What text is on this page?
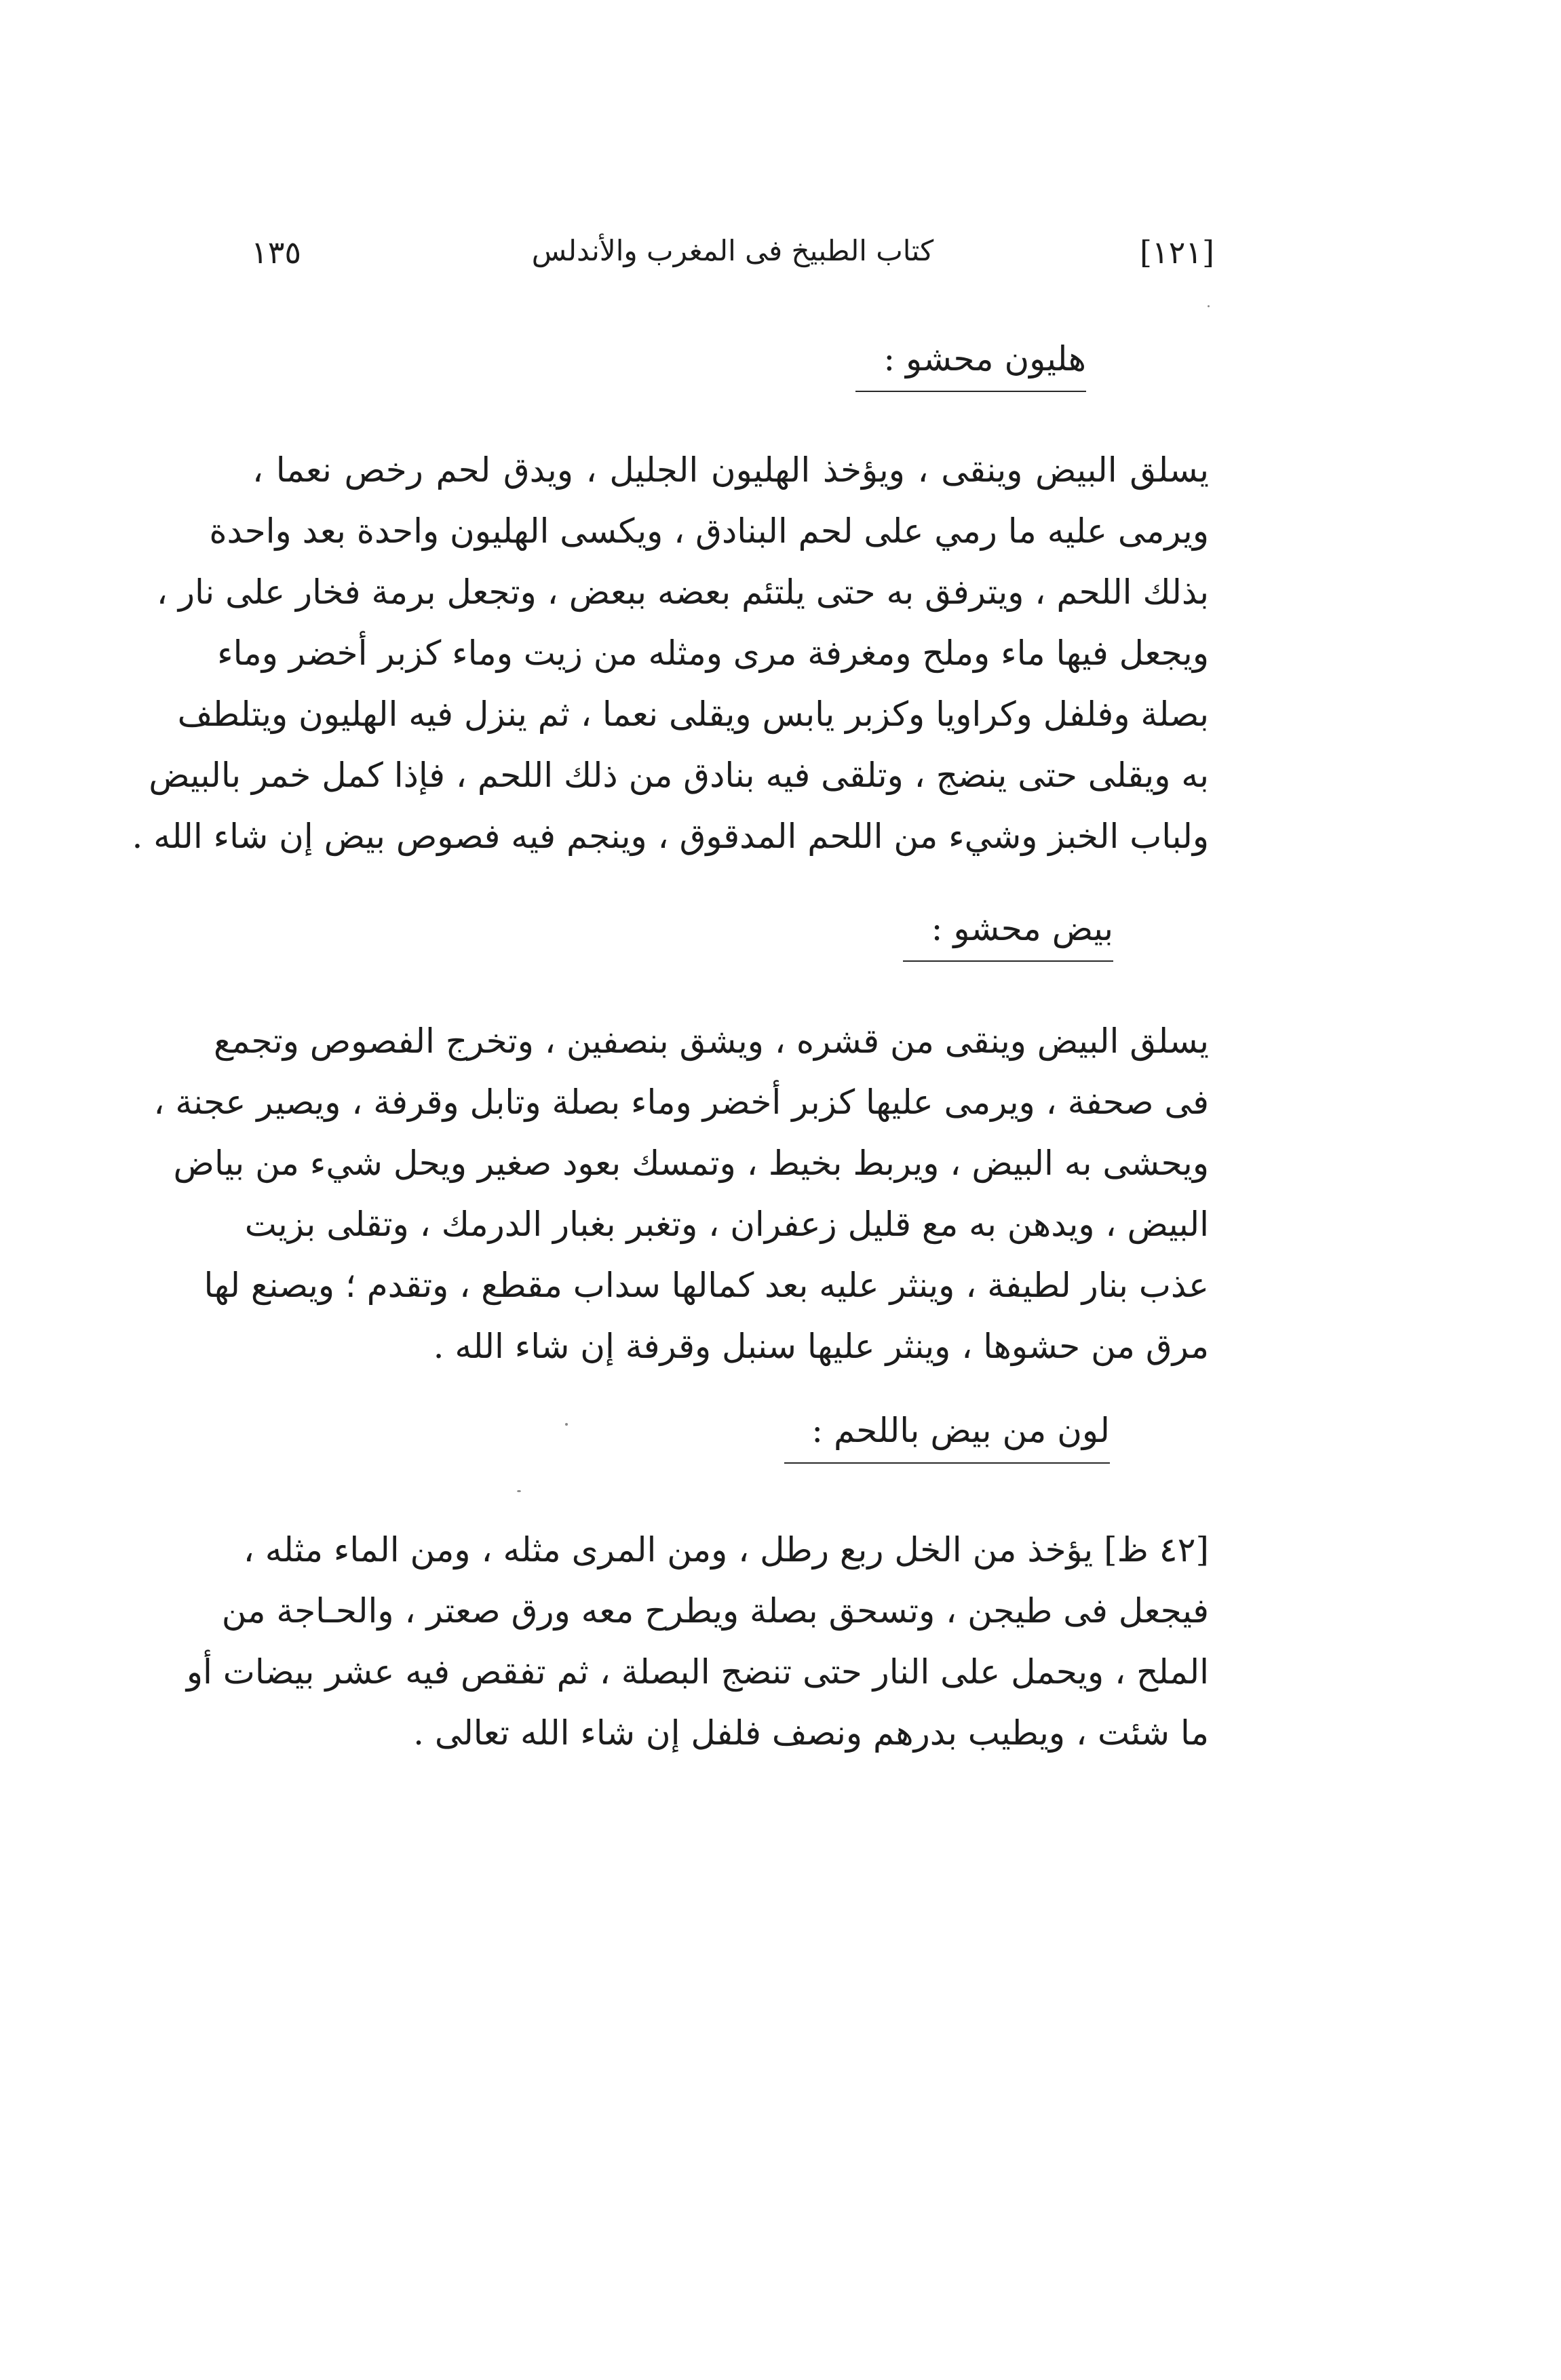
[١٢١]
كتاب الطبيخ فى المغرب والأندلس
١٣٥
هليون محشو :
يسلق البيض وينقى ، ويؤخذ الهليون الجليل ، ويدق لحم رخص نعما ،
ويرمى عليه ما رمي على لحم البنادق ، ويكسى الهليون واحدة بعد واحدة
بذلك اللحم ، ويترفق به حتى يلتئم بعضه ببعض ، وتجعل برمة فخار على نار ،
ويجعل فيها ماء وملح ومغرفة مرى ومثله من زيت وماء كزبر أخضر وماء
بصلة وفلفل وكراويا وكزبر يابس ويقلى نعما ، ثم ينزل فيه الهليون ويتلطف
به ويقلى حتى ينضج ، وتلقى فيه بنادق من ذلك اللحم ، فإذا كمل خمر بالبيض
ولباب الخبز وشيء من اللحم المدقوق ، وينجم فيه فصوص بيض إن شاء الله .
بيض محشو :
يسلق البيض وينقى من قشره ، ويشق بنصفين ، وتخرج الفصوص وتجمع
فى صحفة ، ويرمى عليها كزبر أخضر وماء بصلة وتابل وقرفة ، ويصير عجنة ،
ويحشى به البيض ، ويربط بخيط ، وتمسك بعود صغير ويحل شيء من بياض
البيض ، ويدهن به مع قليل زعفران ، وتغبر بغبار الدرمك ، وتقلى بزيت
عذب بنار لطيفة ، وينثر عليه بعد كمالها سداب مقطع ، وتقدم ؛ ويصنع لها
مرق من حشوها ، وينثر عليها سنبل وقرفة إن شاء الله .
لون من بيض باللحم :
[٤٢ ظ] يؤخذ من الخل ربع رطل ، ومن المرى مثله ، ومن الماء مثله ،
فيجعل فى طيجن ، وتسحق بصلة ويطرح معه ورق صعتر ، والحـاجة من
الملح ، ويحمل على النار حتى تنضج البصلة ، ثم تفقص فيه عشر بيضات أو
ما شئت ، ويطيب بدرهم ونصف فلفل إن شاء الله تعالى .
